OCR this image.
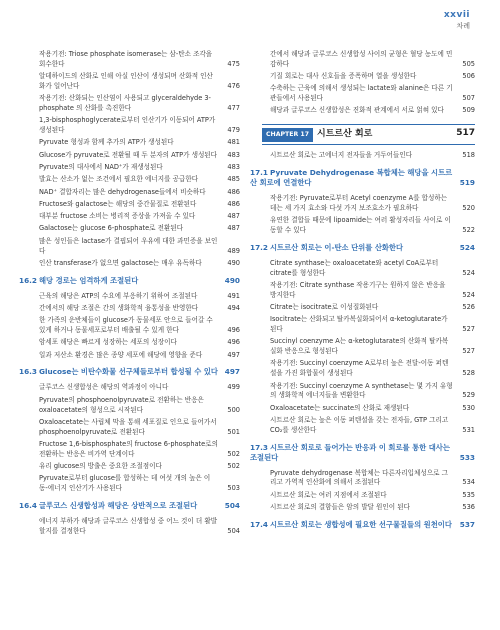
xxvii
차례
작용기전: Triose phosphate isomerase는 삼-탄소 조각을 회수한다	475
알데하이드의 산화로 인해 아실 인산이 생성되며 산화적 인산화가 일어난다	476
작용기전: 산화되는 인산염이 사용되고 glyceraldehyde 3-phosphate 의 산화를 촉진한다	477
1,3-bisphosphoglycerate로부터 인산기가 이동되어 ATP가 생성된다	479
Pyruvate 형성과 함께 추가의 ATP가 생성된다	481
Glucose가 pyruvate로 전환될 때 두 분자의 ATP가 생성된다 483
Pyruvate의 대사에서 NAD⁺가 재생성된다	483
발효는 산소가 없는 조건에서 필요한 에너지를 공급한다	485
NAD⁺ 결합자리는 많은 dehydrogenase들에서 비슷하다	486
Fructose와 galactose는 해당의 중간물질로 전환된다	486
대부분 fructose 소비는 병리적 증상을 가져올 수 있다	487
Galactose는 glucose 6-phosphate로 전환된다	487
많은 성인들은 lactase가 결핍되어 우유에 대한 과민증을 보인다	489
인산 transferase가 없으면 galactose는 매우 유독하다	490
16.2 해당 경로는 엄격하게 조절된다	490
근육의 해당은 ATP의 수요에 부응하기 위하여 조절된다	491
간에서의 해당 조절은 간의 생화학적 융통성을 반영한다	494
한 가족의 운반체들이 glucose가 동물세포 안으로 들어갈 수 있게 하거나 동물세포로부터 배출될 수 있게 한다	496
암세포 해당은 빠르게 성장하는 세포의 성장이다	496
일과 저산소 환경은 많은 종양 세포에 해당에 영향을 준다	497
16.3 Glucose는 비탄수화물 선구체들로부터 합성될 수 있다 497
글루코스 신생합성은 해당의 역과정이 아니다	499
Pyruvate의 phosphoenolpyruvate로 전환하는 반응은 oxaloacetate의 형성으로 시작된다	500
Oxaloacetate는 사립체 막을 통해 세포질로 인으로 들어가서 phosphoenolpyruvate로 전환된다	501
Fructose 1,6-bisphosphate의 fructose 6-phosphate로의 전환하는 반응은 비가역 단계이다	502
유리 glucose의 방출은 중요한 조절점이다	502
Pyruvate로부터 glucose를 합성하는 데 여섯 개의 높은 이동-에너지 인산기가 사용된다	503
16.4 글루코스 신생합성과 해당은 상반적으로 조절된다	504
에너지 부하가 해당과 글루코스 신생합성 중 어느 것이 더 활발할지를 결정한다	504
간에서 해당과 글루코스 신생합성 사이의 균형은 혈당 농도에 민감하다	505
기질 회로는 대사 신호들을 증폭하며 열을 생성한다	506
수축하는 근육에 의해서 생성되는 lactate와 alanine은 다른 기관들에서 사용된다	507
해당과 글루코스 신생합성은 진화적 관계에서 서로 얽혀 있다	509
CHAPTER 17 시트르산 회로	517
시트르산 회로는 고에너지 전자들을 거두어들인다	518
17.1 Pyruvate Dehydrogenase 복합체는 해당을 시트르산 회로에 연결한다	519
작용기전: Pyruvate로부터 Acetyl coenzyme A를 합성하는 데는 세 가지 효소와 다섯 가지 보조효소가 필요하다	520
유연한 결합들 때문에 lipoamide는 여러 활성자리들 사이로 이동할 수 있다	522
17.2 시트르산 회로는 이-탄소 단위를 산화한다	524
Citrate synthase는 oxaloacetate와 acetyl CoA로부터 citrate를 형성한다	524
작용기전: Citrate synthase 작용기구는 원하지 않은 반응을 방지한다	524
Citrate는 isocitrate로 이성질화된다	526
Isocitrate는 산화되고 탈카복실화되어서 α-ketoglutarate가 된다	527
Succinyl coenzyme A는 α-ketoglutarate의 산화적 탈카복실화 반응으로 형성된다	527
작용기전: Succinyl coenzyme A로부터 높은 전달-이동 퍼텐셜을 가진 화합물이 생성된다	528
작용기전: Succinyl coenzyme A synthetase는 몇 가지 유형의 생화학적 에너지들을 변환한다	529
Oxaloacetate는 succinate의 산화로 재생된다	530
시트르산 회로는 높은 이동 퍼텐셜을 갖는 전자들, GTP 그리고 CO₂를 생산한다	531
17.3 시트르산 회로로 들어가는 반응과 이 회로를 통한 대사는 조절된다	533
Pyruvate dehydrogenase 복합체는 다른자리입체성으로 그리고 가역적 인산화에 의해서 조절된다	534
시트르산 회로는 여러 지점에서 조절된다	535
시트르산 회로의 결함들은 암의 발달 원인이 된다	536
17.4 시트르산 회로는 생합성에 필요한 선구물질들의 원천이다 537
